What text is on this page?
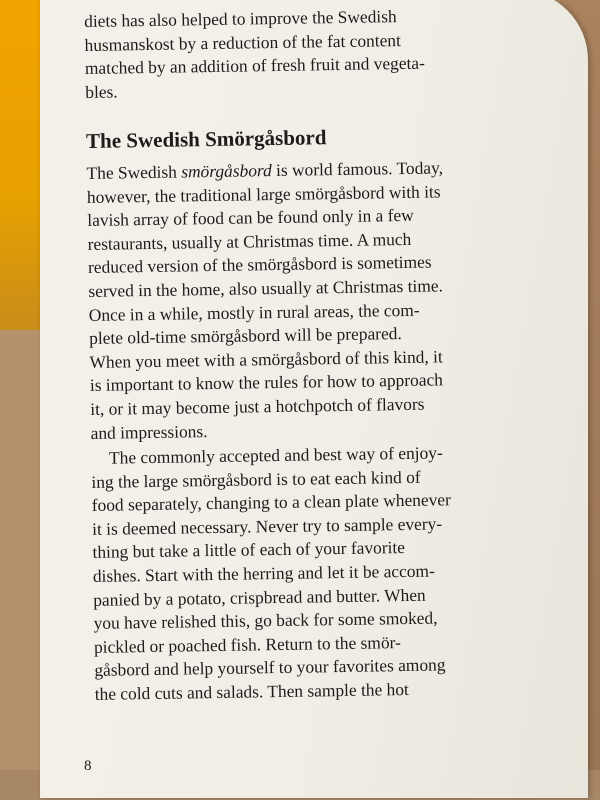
diets has also helped to improve the Swedish
husmanskost by a reduction of the fat content
matched by an addition of fresh fruit and vegeta-
bles.
The Swedish Smörgåsbord
The Swedish smörgåsbord is world famous. Today,
however, the traditional large smörgåsbord with its
lavish array of food can be found only in a few
restaurants, usually at Christmas time. A much
reduced version of the smörgåsbord is sometimes
served in the home, also usually at Christmas time.
Once in a while, mostly in rural areas, the com-
plete old-time smörgåsbord will be prepared.
When you meet with a smörgåsbord of this kind, it
is important to know the rules for how to approach
it, or it may become just a hotchpotch of flavors
and impressions.
The commonly accepted and best way of enjoy-
ing the large smörgåsbord is to eat each kind of
food separately, changing to a clean plate whenever
it is deemed necessary. Never try to sample every-
thing but take a little of each of your favorite
dishes. Start with the herring and let it be accom-
panied by a potato, crispbread and butter. When
you have relished this, go back for some smoked,
pickled or poached fish. Return to the smör-
gåsbord and help yourself to your favorites among
the cold cuts and salads. Then sample the hot
8
